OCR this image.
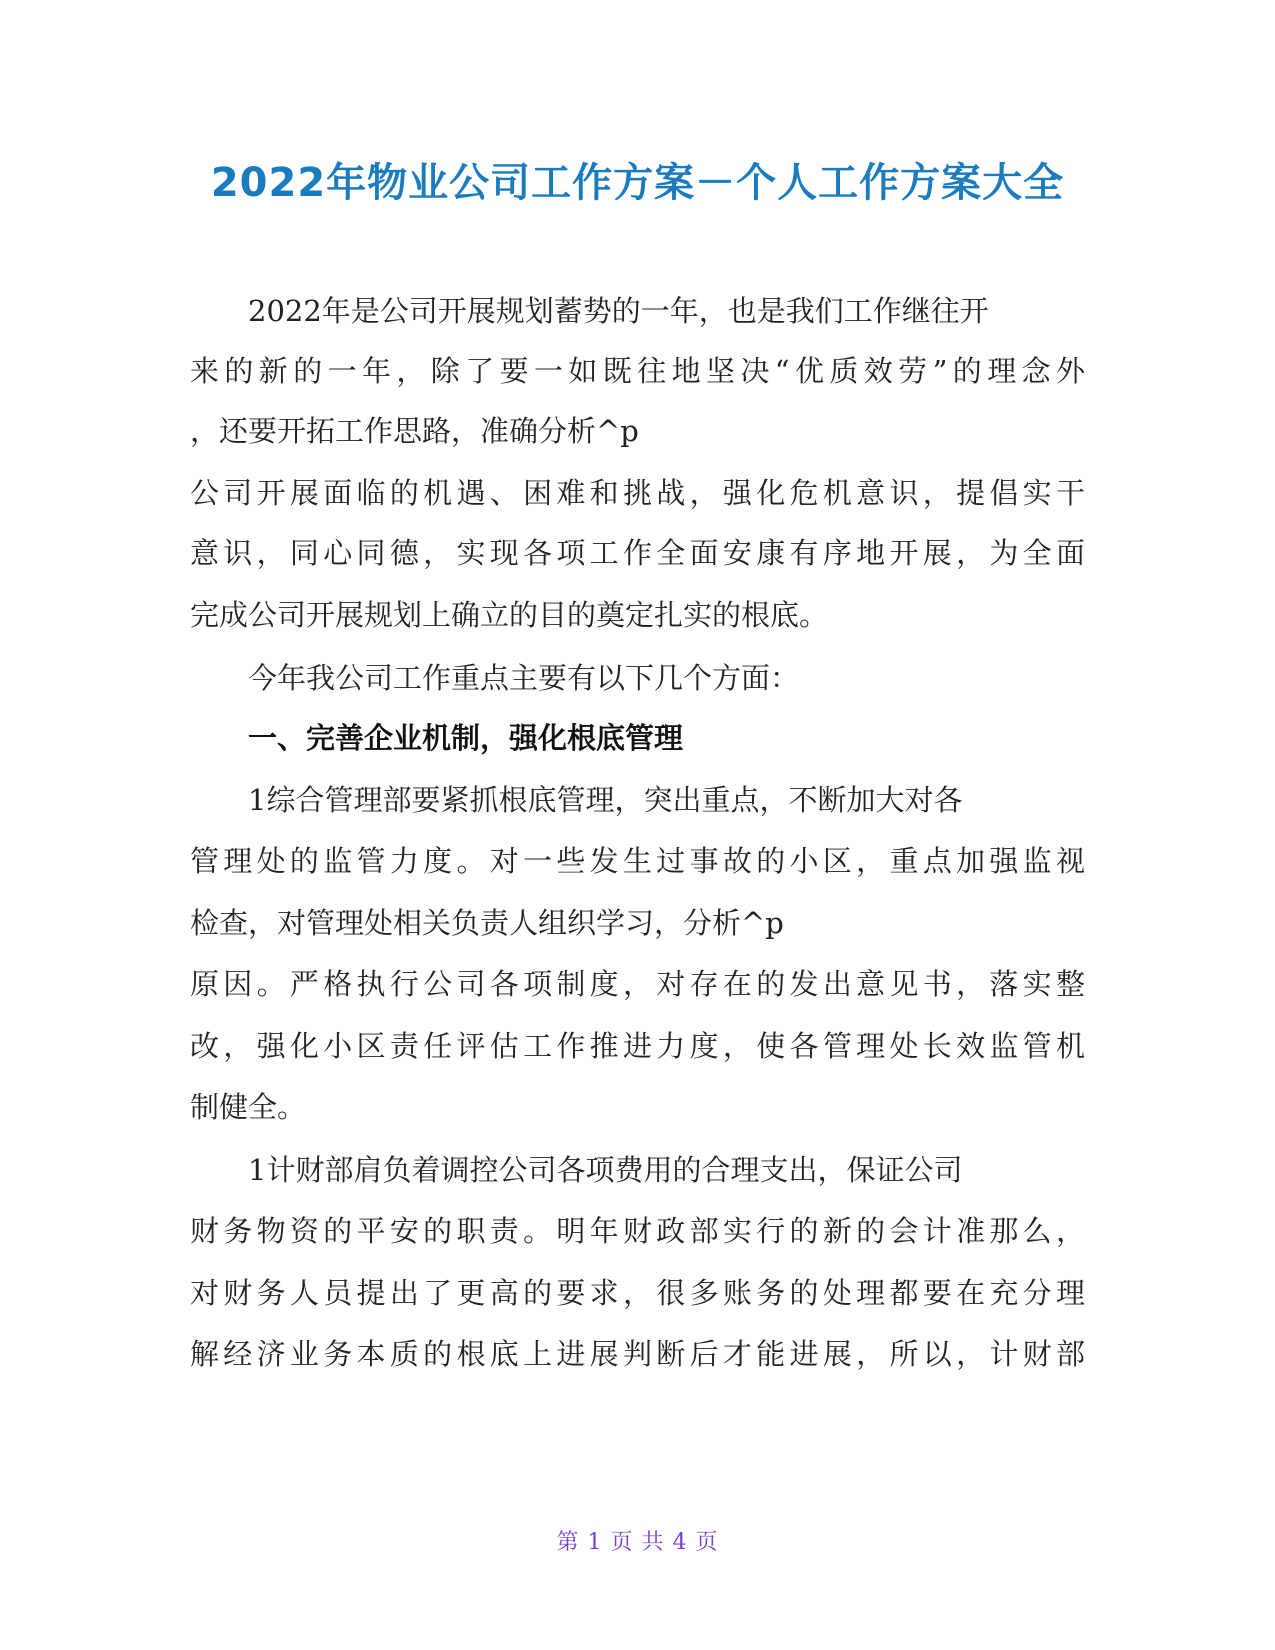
2022年物业公司工作方案－个人工作方案大全

2022年是公司开展规划蓄势的一年，也是我们工作继往开

来的新的一年，除了要一如既往地坚决“优质效劳”的理念外

，还要开拓工作思路，准确分析^p

公司开展面临的机遇、困难和挑战，强化危机意识，提倡实干

意识，同心同德，实现各项工作全面安康有序地开展，为全面

完成公司开展规划上确立的目的奠定扎实的根底。

今年我公司工作重点主要有以下几个方面：

一、完善企业机制，强化根底管理

1综合管理部要紧抓根底管理，突出重点，不断加大对各

管理处的监管力度。对一些发生过事故的小区，重点加强监视

检查，对管理处相关负责人组织学习，分析^p

原因。严格执行公司各项制度，对存在的发出意见书，落实整

改，强化小区责任评估工作推进力度，使各管理处长效监管机

制健全。

1计财部肩负着调控公司各项费用的合理支出，保证公司

财务物资的平安的职责。明年财政部实行的新的会计准那么，

对财务人员提出了更高的要求，很多账务的处理都要在充分理

解经济业务本质的根底上进展判断后才能进展，所以，计财部

第 1 页 共 4 页
